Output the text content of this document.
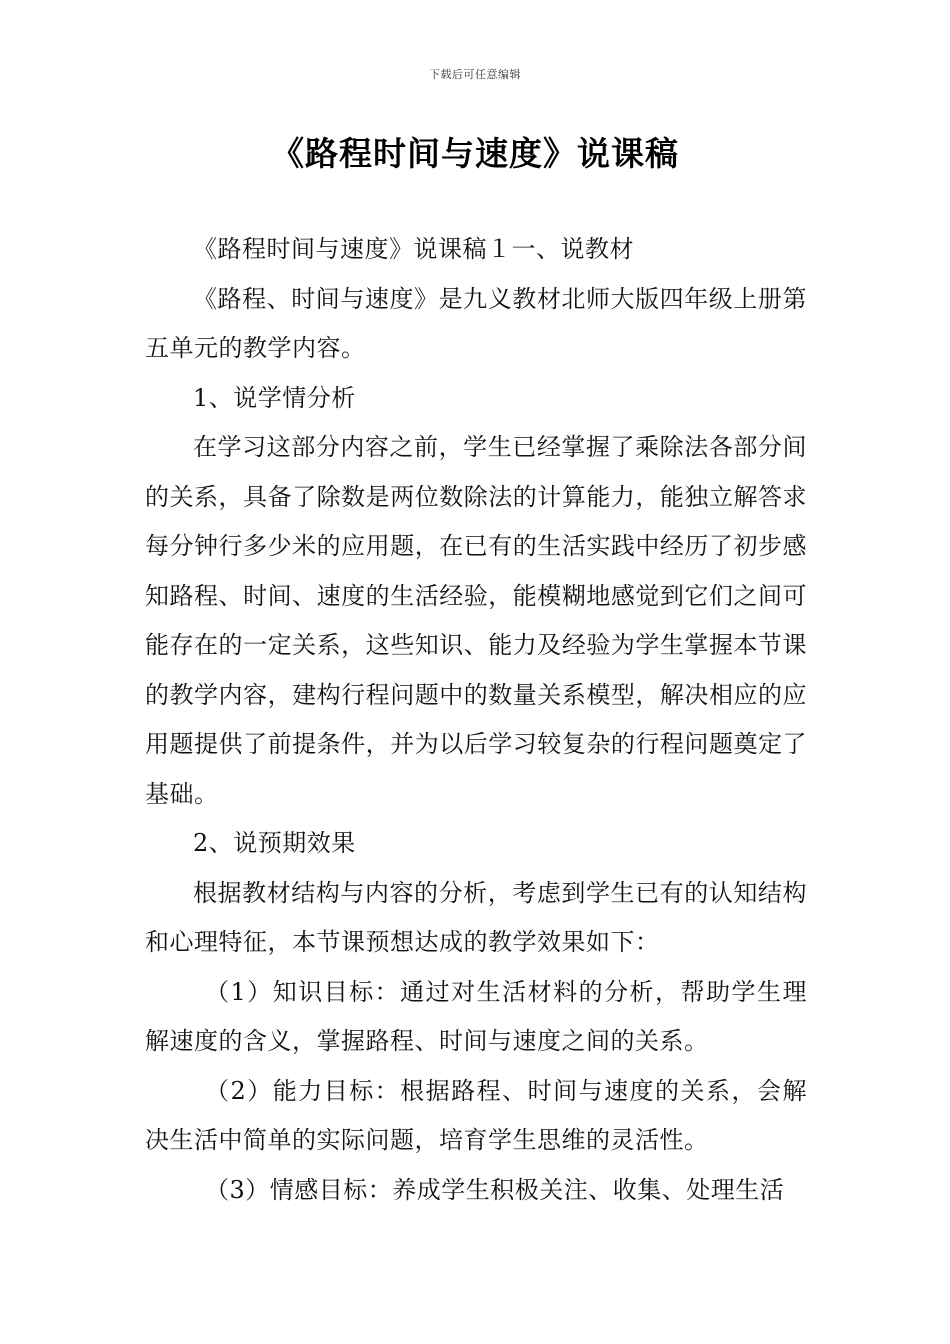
下载后可任意编辑
《路程时间与速度》说课稿

《路程时间与速度》说课稿１一、说教材

《路程、时间与速度》是九义教材北师大版四年级上册第五单元的教学内容。

1、说学情分析

在学习这部分内容之前，学生已经掌握了乘除法各部分间的关系，具备了除数是两位数除法的计算能力，能独立解答求每分钟行多少米的应用题，在已有的生活实践中经历了初步感知路程、时间、速度的生活经验，能模糊地感觉到它们之间可能存在的一定关系，这些知识、能力及经验为学生掌握本节课的教学内容，建构行程问题中的数量关系模型，解决相应的应用题提供了前提条件，并为以后学习较复杂的行程问题奠定了基础。

2、说预期效果

根据教材结构与内容的分析，考虑到学生已有的认知结构和心理特征，本节课预想达成的教学效果如下：

（1）知识目标：通过对生活材料的分析，帮助学生理解速度的含义，掌握路程、时间与速度之间的关系。

（2）能力目标：根据路程、时间与速度的关系，会解决生活中简单的实际问题，培育学生思维的灵活性。

（3）情感目标：养成学生积极关注、收集、处理生活
